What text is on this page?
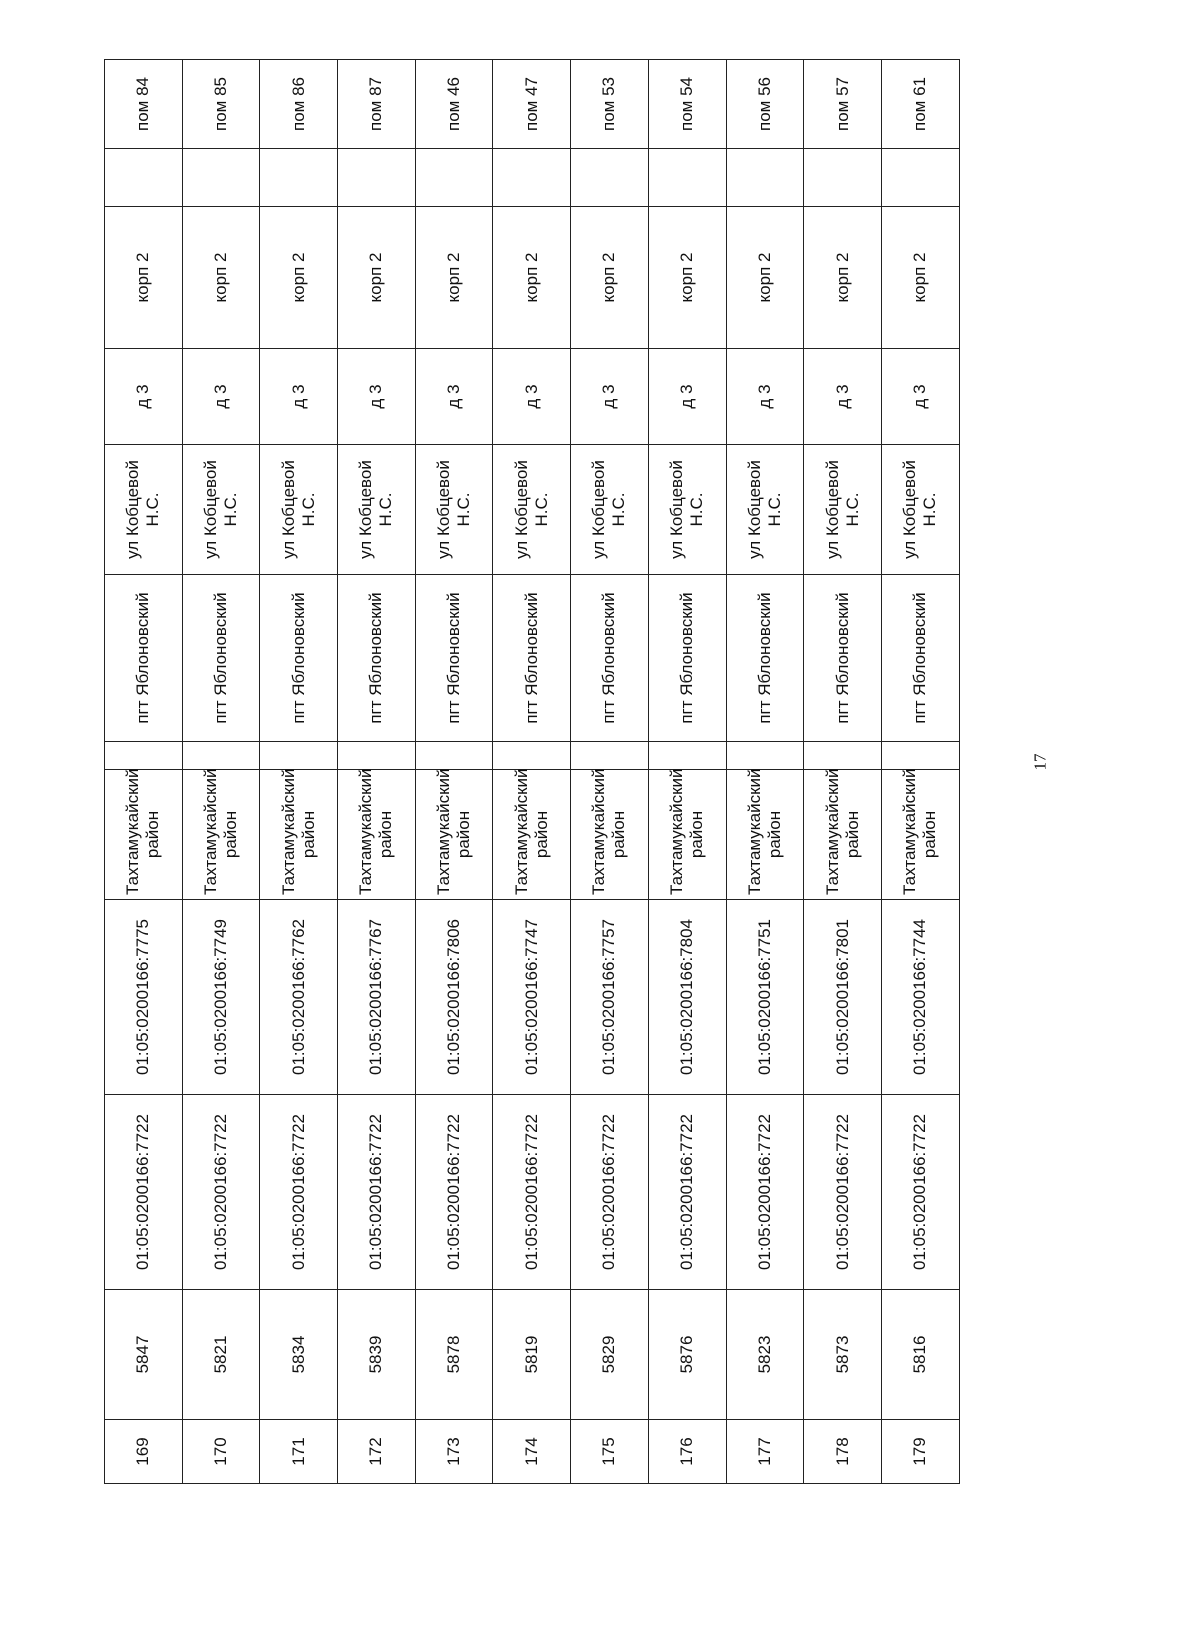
169	5847	01:05:0200166:7722	01:05:0200166:7775	Тахтамукайский район		пгт Яблоновский	ул Кобцевой Н.С.	д 3	корп 2		пом 84
170	5821	01:05:0200166:7722	01:05:0200166:7749	Тахтамукайский район		пгт Яблоновский	ул Кобцевой Н.С.	д 3	корп 2		пом 85
171	5834	01:05:0200166:7722	01:05:0200166:7762	Тахтамукайский район		пгт Яблоновский	ул Кобцевой Н.С.	д 3	корп 2		пом 86
172	5839	01:05:0200166:7722	01:05:0200166:7767	Тахтамукайский район		пгт Яблоновский	ул Кобцевой Н.С.	д 3	корп 2		пом 87
173	5878	01:05:0200166:7722	01:05:0200166:7806	Тахтамукайский район		пгт Яблоновский	ул Кобцевой Н.С.	д 3	корп 2		пом 46
174	5819	01:05:0200166:7722	01:05:0200166:7747	Тахтамукайский район		пгт Яблоновский	ул Кобцевой Н.С.	д 3	корп 2		пом 47
175	5829	01:05:0200166:7722	01:05:0200166:7757	Тахтамукайский район		пгт Яблоновский	ул Кобцевой Н.С.	д 3	корп 2		пом 53
176	5876	01:05:0200166:7722	01:05:0200166:7804	Тахтамукайский район		пгт Яблоновский	ул Кобцевой Н.С.	д 3	корп 2		пом 54
177	5823	01:05:0200166:7722	01:05:0200166:7751	Тахтамукайский район		пгт Яблоновский	ул Кобцевой Н.С.	д 3	корп 2		пом 56
178	5873	01:05:0200166:7722	01:05:0200166:7801	Тахтамукайский район		пгт Яблоновский	ул Кобцевой Н.С.	д 3	корп 2		пом 57
179	5816	01:05:0200166:7722	01:05:0200166:7744	Тахтамукайский район		пгт Яблоновский	ул Кобцевой Н.С.	д 3	корп 2		пом 61
17
